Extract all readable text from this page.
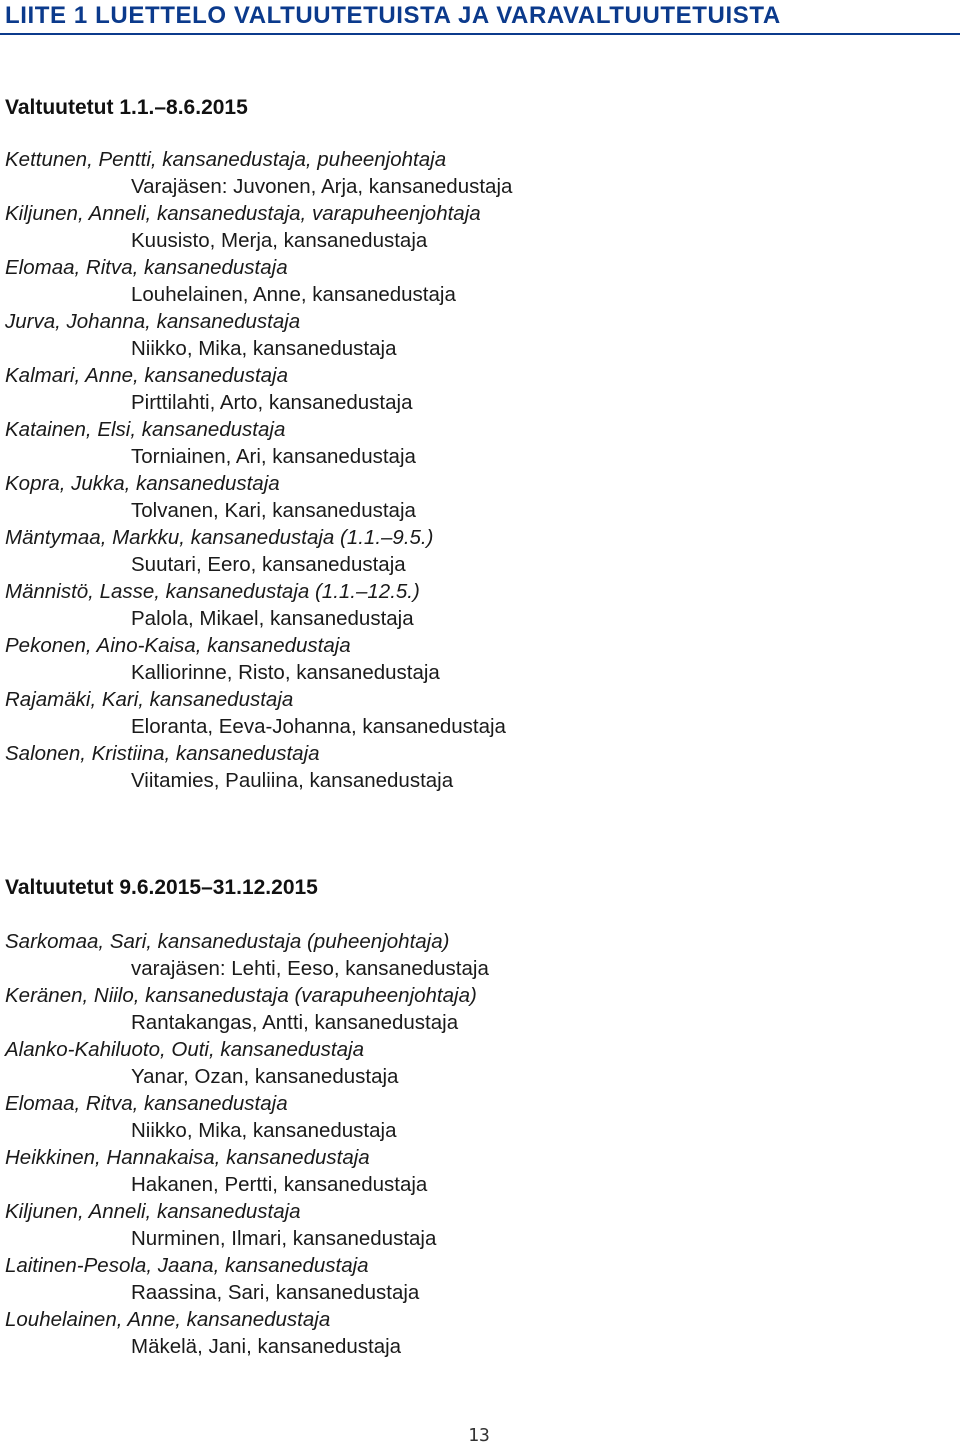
LIITE 1 LUETTELO VALTUUTETUISTA JA VARAVALTUUTETUISTA
Valtuutetut 1.1.–8.6.2015
Kettunen, Pentti, kansanedustaja, puheenjohtaja
Varajäsen: Juvonen, Arja, kansanedustaja
Kiljunen, Anneli, kansanedustaja, varapuheenjohtaja
Kuusisto, Merja, kansanedustaja
Elomaa, Ritva, kansanedustaja
Louhelainen, Anne, kansanedustaja
Jurva, Johanna, kansanedustaja
Niikko, Mika, kansanedustaja
Kalmari, Anne, kansanedustaja
Pirttilahti, Arto, kansanedustaja
Katainen, Elsi, kansanedustaja
Torniainen, Ari, kansanedustaja
Kopra, Jukka, kansanedustaja
Tolvanen, Kari, kansanedustaja
Mäntymaa, Markku, kansanedustaja (1.1.–9.5.)
Suutari, Eero, kansanedustaja
Männistö, Lasse, kansanedustaja (1.1.–12.5.)
Palola, Mikael, kansanedustaja
Pekonen, Aino-Kaisa, kansanedustaja
Kalliorinne, Risto, kansanedustaja
Rajamäki, Kari, kansanedustaja
Eloranta, Eeva-Johanna, kansanedustaja
Salonen, Kristiina, kansanedustaja
Viitamies, Pauliina, kansanedustaja
Valtuutetut 9.6.2015–31.12.2015
Sarkomaa, Sari, kansanedustaja (puheenjohtaja)
varajäsen: Lehti, Eeso, kansanedustaja
Keränen, Niilo, kansanedustaja (varapuheenjohtaja)
Rantakangas, Antti, kansanedustaja
Alanko-Kahiluoto, Outi, kansanedustaja
Yanar, Ozan, kansanedustaja
Elomaa, Ritva, kansanedustaja
Niikko, Mika, kansanedustaja
Heikkinen, Hannakaisa, kansanedustaja
Hakanen, Pertti, kansanedustaja
Kiljunen, Anneli, kansanedustaja
Nurminen, Ilmari, kansanedustaja
Laitinen-Pesola, Jaana, kansanedustaja
Raassina, Sari, kansanedustaja
Louhelainen, Anne, kansanedustaja
Mäkelä, Jani, kansanedustaja
13
